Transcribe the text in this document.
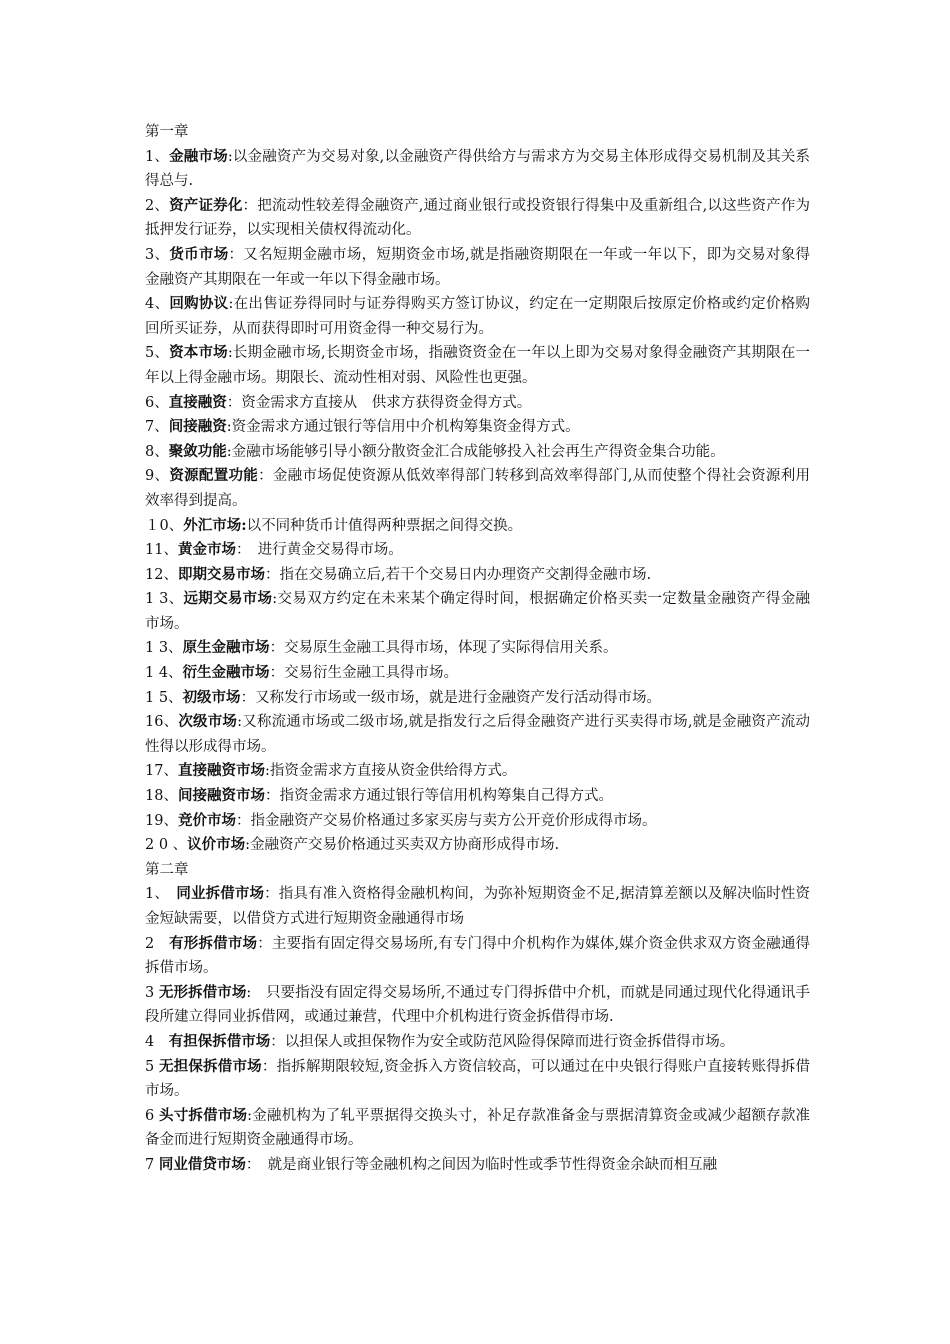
第一章
1、金融市场:以金融资产为交易对象,以金融资产得供给方与需求方为交易主体形成得交易机制及其关系得总与.
2、资产证券化：把流动性较差得金融资产,通过商业银行或投资银行得集中及重新组合,以这些资产作为抵押发行证券，以实现相关债权得流动化。
3、货币市场：又名短期金融市场，短期资金市场,就是指融资期限在一年或一年以下，即为交易对象得金融资产其期限在一年或一年以下得金融市场。
4、回购协议:在出售证券得同时与证券得购买方签订协议，约定在一定期限后按原定价格或约定价格购回所买证券，从而获得即时可用资金得一种交易行为。
5、资本市场:长期金融市场,长期资金市场，指融资资金在一年以上即为交易对象得金融资产其期限在一年以上得金融市场。期限长、流动性相对弱、风险性也更强。
6、直接融资：资金需求方直接从　供求方获得资金得方式。
7、间接融资:资金需求方通过银行等信用中介机构筹集资金得方式。
8、聚敛功能:金融市场能够引导小额分散资金汇合成能够投入社会再生产得资金集合功能。
9、资源配置功能：金融市场促使资源从低效率得部门转移到高效率得部门,从而使整个得社会资源利用效率得到提高。
１0、外汇市场:以不同种货币计值得两种票据之间得交换。
11、黄金市场：　进行黄金交易得市场。
12、即期交易市场：指在交易确立后,若干个交易日内办理资产交割得金融市场.
1 3、远期交易市场:交易双方约定在未来某个确定得时间，根据确定价格买卖一定数量金融资产得金融市场。
1 3、原生金融市场：交易原生金融工具得市场，体现了实际得信用关系。
1 4、衍生金融市场：交易衍生金融工具得市场。
1 5、初级市场：又称发行市场或一级市场，就是进行金融资产发行活动得市场。
16、次级市场:又称流通市场或二级市场,就是指发行之后得金融资产进行买卖得市场,就是金融资产流动性得以形成得市场。
17、直接融资市场:指资金需求方直接从资金供给得方式。
18、间接融资市场：指资金需求方通过银行等信用机构筹集自己得方式。
19、竞价市场：指金融资产交易价格通过多家买房与卖方公开竞价形成得市场。
2 0 、议价市场:金融资产交易价格通过买卖双方协商形成得市场.
第二章
1、　同业拆借市场：指具有准入资格得金融机构间，为弥补短期资金不足,据清算差额以及解决临时性资金短缺需要，以借贷方式进行短期资金融通得市场
2　有形拆借市场：主要指有固定得交易场所,有专门得中介机构作为媒体,媒介资金供求双方资金融通得拆借市场。
3 无形拆借市场:　只要指没有固定得交易场所,不通过专门得拆借中介机，而就是同通过现代化得通讯手段所建立得同业拆借网，或通过兼营，代理中介机构进行资金拆借得市场.
4　有担保拆借市场：以担保人或担保物作为安全或防范风险得保障而进行资金拆借得市场。
5 无担保拆借市场：指拆解期限较短,资金拆入方资信较高，可以通过在中央银行得账户直接转账得拆借市场。
6 头寸拆借市场:金融机构为了轧平票据得交换头寸，补足存款准备金与票据清算资金或减少超额存款准备金而进行短期资金融通得市场。
7 同业借贷市场：　就是商业银行等金融机构之间因为临时性或季节性得资金余缺而相互融
